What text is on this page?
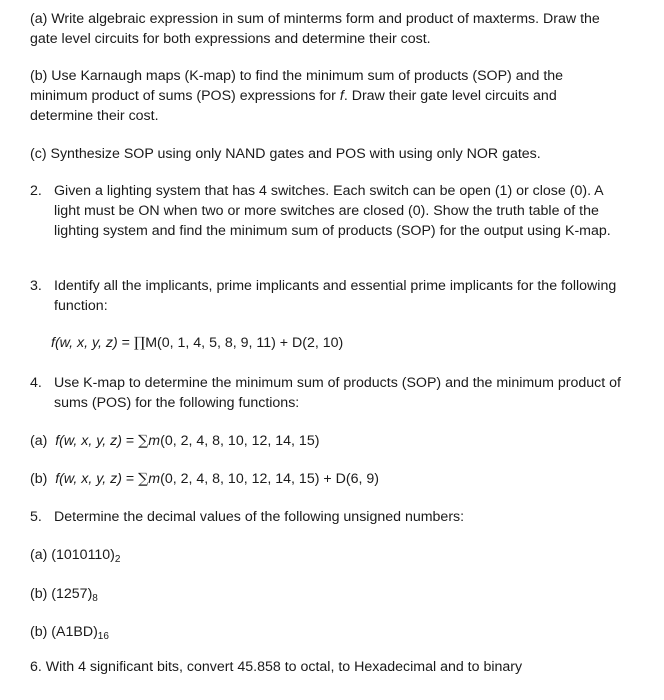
(a) Write algebraic expression in sum of minterms form and product of maxterms. Draw the gate level circuits for both expressions and determine their cost.

(b) Use Karnaugh maps (K-map) to find the minimum sum of products (SOP) and the minimum product of sums (POS) expressions for f. Draw their gate level circuits and determine their cost.

(c) Synthesize SOP using only NAND gates and POS with using only NOR gates.

2. Given a lighting system that has 4 switches. Each switch can be open (1) or close (0). A light must be ON when two or more switches are closed (0). Show the truth table of the lighting system and find the minimum sum of products (SOP) for the output using K-map.
3. Identify all the implicants, prime implicants and essential prime implicants for the following function:
f(w, x, y, z) = ∏M(0, 1, 4, 5, 8, 9, 11) + D(2, 10)
4. Use K-map to determine the minimum sum of products (SOP) and the minimum product of sums (POS) for the following functions:
(a) f(w, x, y, z) = ∑m(0, 2, 4, 8, 10, 12, 14, 15)
(b) f(w, x, y, z) = ∑m(0, 2, 4, 8, 10, 12, 14, 15) + D(6, 9)
5. Determine the decimal values of the following unsigned numbers:
(a) $(1010110)_2$
(b) $(1257)_8$
(b) $(A1BD)_{16}$

6. With 4 significant bits, convert 45.858 to octal, to Hexadecimal and to binary
